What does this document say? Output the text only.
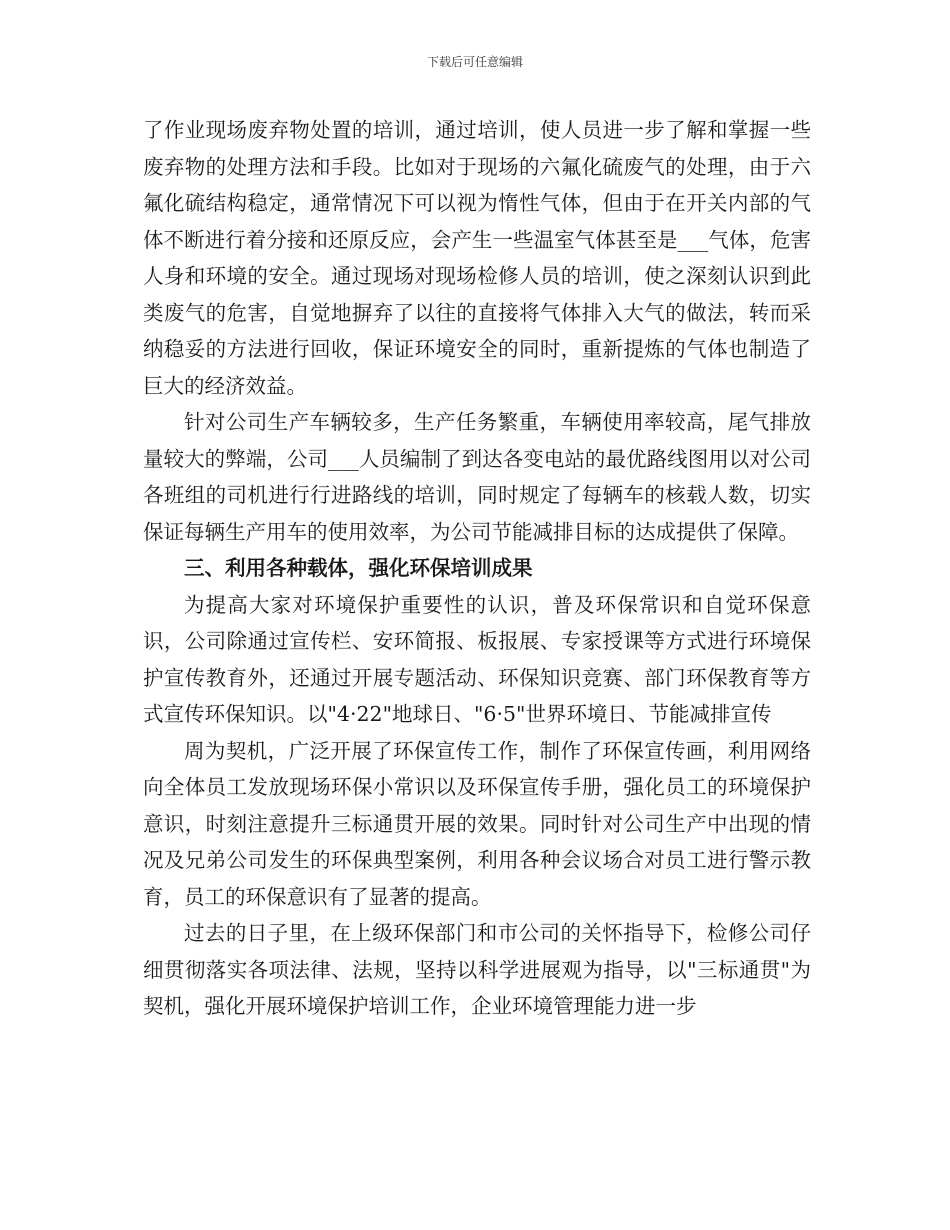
下载后可任意编辑

了作业现场废弃物处置的培训，通过培训，使人员进一步了解和掌握一些废弃物的处理方法和手段。比如对于现场的六氟化硫废气的处理，由于六氟化硫结构稳定，通常情况下可以视为惰性气体，但由于在开关内部的气体不断进行着分接和还原反应，会产生一些温室气体甚至是___气体，危害人身和环境的安全。通过现场对现场检修人员的培训，使之深刻认识到此类废气的危害，自觉地摒弃了以往的直接将气体排入大气的做法，转而采纳稳妥的方法进行回收，保证环境安全的同时，重新提炼的气体也制造了巨大的经济效益。

针对公司生产车辆较多，生产任务繁重，车辆使用率较高，尾气排放量较大的弊端，公司___人员编制了到达各变电站的最优路线图用以对公司各班组的司机进行行进路线的培训，同时规定了每辆车的核载人数，切实保证每辆生产用车的使用效率，为公司节能减排目标的达成提供了保障。

三、利用各种载体，强化环保培训成果

为提高大家对环境保护重要性的认识，普及环保常识和自觉环保意识，公司除通过宣传栏、安环简报、板报展、专家授课等方式进行环境保护宣传教育外，还通过开展专题活动、环保知识竞赛、部门环保教育等方式宣传环保知识。以"4·22"地球日、"6·5"世界环境日、节能减排宣传

周为契机，广泛开展了环保宣传工作，制作了环保宣传画，利用网络向全体员工发放现场环保小常识以及环保宣传手册，强化员工的环境保护意识，时刻注意提升三标通贯开展的效果。同时针对公司生产中出现的情况及兄弟公司发生的环保典型案例，利用各种会议场合对员工进行警示教育，员工的环保意识有了显著的提高。

过去的日子里，在上级环保部门和市公司的关怀指导下，检修公司仔细贯彻落实各项法律、法规，坚持以科学进展观为指导，以"三标通贯"为契机，强化开展环境保护培训工作，企业环境管理能力进一步
